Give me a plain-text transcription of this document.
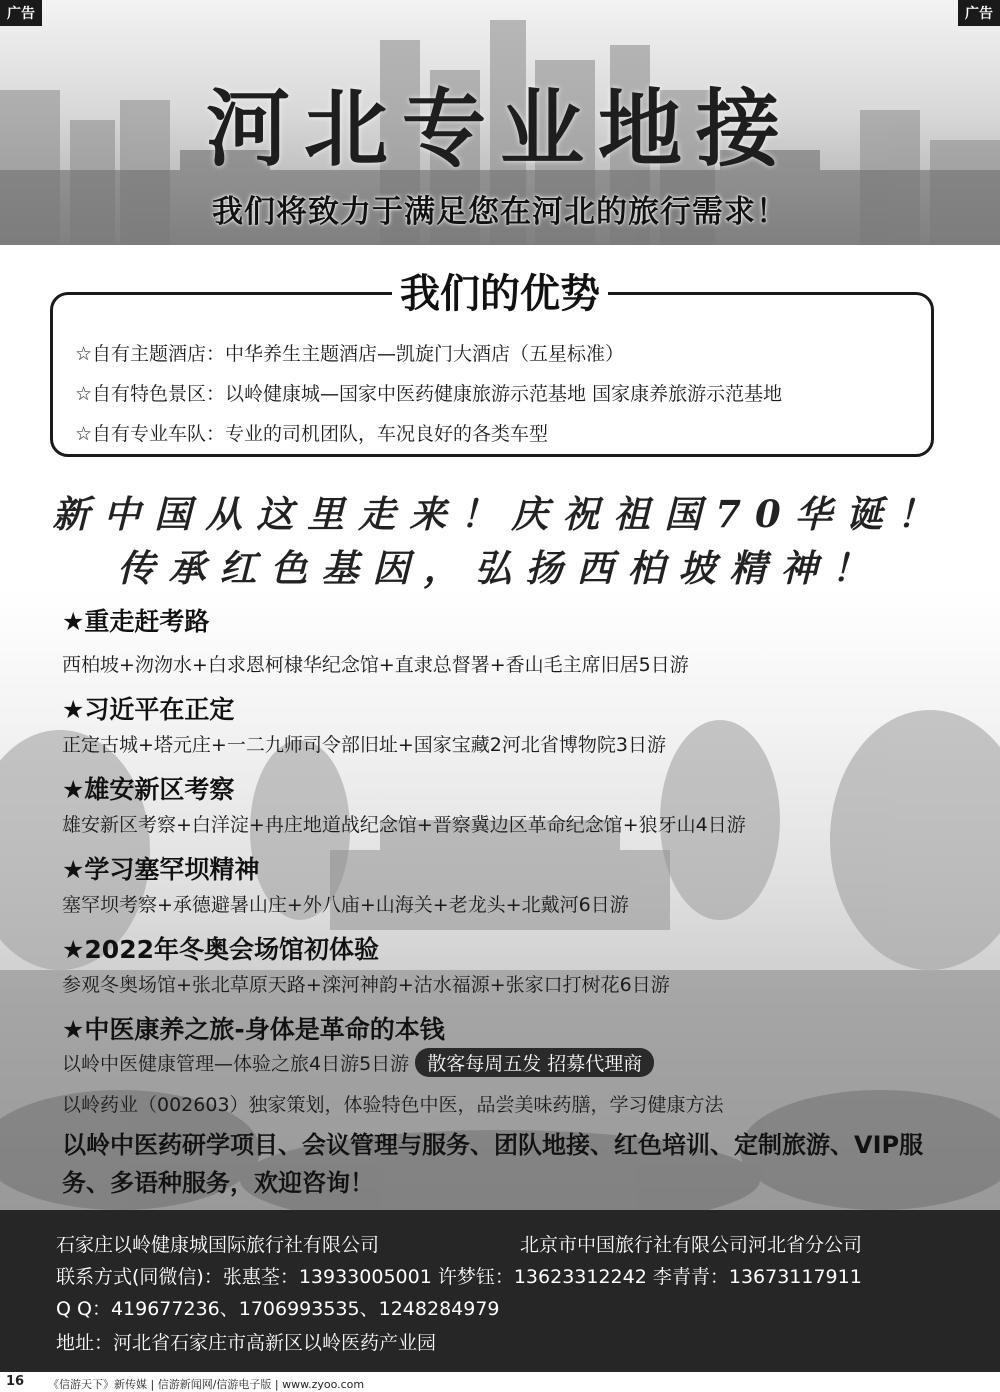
广告	广告
河北专业地接
我们将致力于满足您在河北的旅行需求！
我们的优势
☆自有主题酒店：中华养生主题酒店—凯旋门大酒店（五星标准）
☆自有特色景区：以岭健康城—国家中医药健康旅游示范基地 国家康养旅游示范基地
☆自有专业车队：专业的司机团队，车况良好的各类车型
新中国从这里走来！庆祝祖国70华诞！
传承红色基因，弘扬西柏坡精神！
★重走赶考路
西柏坡+沕沕水+白求恩柯棣华纪念馆+直隶总督署+香山毛主席旧居5日游
★习近平在正定
正定古城+塔元庄+一二九师司令部旧址+国家宝藏2河北省博物院3日游
★雄安新区考察
雄安新区考察+白洋淀+冉庄地道战纪念馆+晋察冀边区革命纪念馆+狼牙山4日游
★学习塞罕坝精神
塞罕坝考察+承德避暑山庄+外八庙+山海关+老龙头+北戴河6日游
★2022年冬奥会场馆初体验
参观冬奥场馆+张北草原天路+滦河神韵+沽水福源+张家口打树花6日游
★中医康养之旅-身体是革命的本钱
以岭中医健康管理—体验之旅4日游5日游 散客每周五发 招募代理商
以岭药业（002603）独家策划，体验特色中医，品尝美味药膳，学习健康方法
以岭中医药研学项目、会议管理与服务、团队地接、红色培训、定制旅游、VIP服务、多语种服务，欢迎咨询！
石家庄以岭健康城国际旅行社有限公司	北京市中国旅行社有限公司河北省分公司
联系方式(同微信)：张惠荃：13933005001 许梦钰：13623312242 李青青：13673117911
Q Q：419677236、1706993535、1248284979
地址：河北省石家庄市高新区以岭医药产业园
16 《信游天下》新传媒 | 信游新闻网/信游电子版 | www.zyoo.com
